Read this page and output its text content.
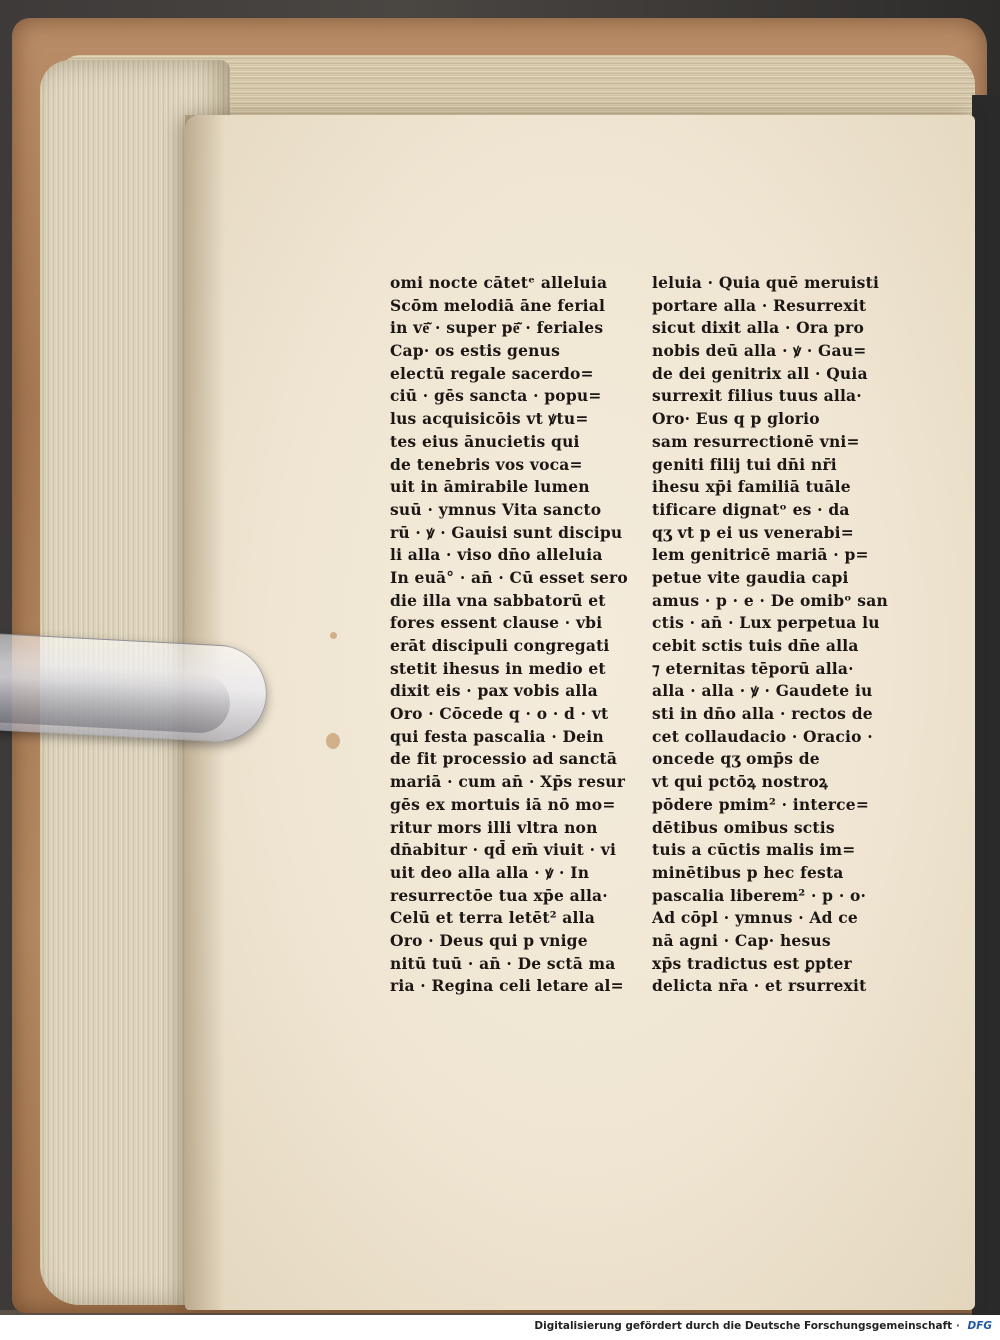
omi nocte cātetᵉ alleluia
Scōm melodiā āne ferial
in vē͂ · super pē͂ · feriales
Cap· os estis genus
electū regale sacerdo=
ciū · gēs sancta · popu=
lus acquisicōis vt ꝟtu=
tes eius ānucietis qui
de tenebris vos voca=
uit in āmirabile lumen
suū · ymnus Vita sancto
rū · ꝟ · Gauisi sunt discipu
li alla · viso dn̄o alleluia
In euā° · an̄ · Cū esset sero
die illa vna sabbatorū et
fores essent clause · vbi
erāt discipuli congregati
stetit ihesus in medio et
dixit eis · pax vobis alla
Oro · Cōcede q · o · d · vt
qui festa pascalia · Dein
de fit processio ad sanctā
mariā · cum an̄ · Xp̄s resur
gēs ex mortuis iā nō mo=
ritur mors illi vltra non
dn̄abitur · qd̄ em̄ viuit · vi
uit deo alla alla · ꝟ · In
resurrectōe tua xp̄e alla·
Celū et terra letēt² alla
Oro · Deus qui p vnige
nitū tuū · an̄ · De sctā ma
ria · Regina celi letare al=
leluia · Quia quē meruisti
portare alla · Resurrexit
sicut dixit alla · Ora pro
nobis deū alla · ꝟ · Gau=
de dei genitrix all · Quia
surrexit filius tuus alla·
Oro· Eus q p glorio
sam resurrectionē vni=
geniti filij tui dn̄i nr̄i
ihesu xp̄i familiā tuāle
tificare dignatᵒ es · da
qʒ vt p ei us venerabi=
lem genitricē mariā · p=
petue vite gaudia capi
amus · p · e · De omibᵒ san
ctis · an̄ · Lux perpetua lu
cebit sctis tuis dn̄e alla
⁊ eternitas tēporū alla·
alla · alla · ꝟ · Gaudete iu
sti in dn̄o alla · rectos de
cet collaudacio · Oracio ·
oncede qʒ omp̄s de
vt qui pctōꝝ nostroꝝ
pōdere pmim² · interce=
dētibus omibus sctis
tuis a cūctis malis im=
minētibus p hec festa
pascalia liberem² · p · o·
Ad cōpl · ymnus · Ad ce
nā agni · Cap· hesus
xp̄s tradictus est ꝑpter
delicta nr̄a · et rsurrexit
Digitalisierung gefördert durch die Deutsche Forschungsgemeinschaft · DFG
